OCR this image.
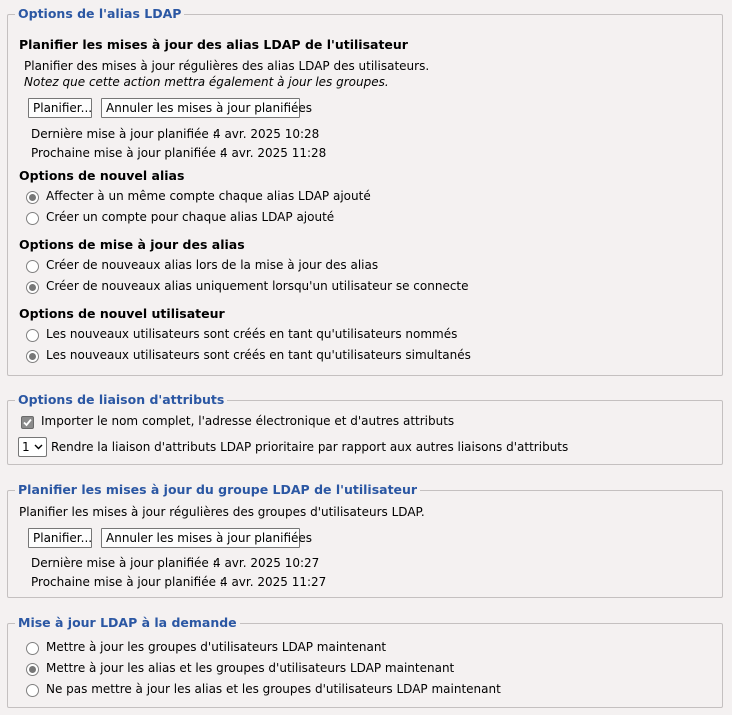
Options de l'alias LDAP
Planifier les mises à jour des alias LDAP de l'utilisateur
Planifier des mises à jour régulières des alias LDAP des utilisateurs.
Notez que cette action mettra également à jour les groupes.
Planifier...	Annuler les mises à jour planifiées
Dernière mise à jour planifiée :
4 avr. 2025 10:28
Prochaine mise à jour planifiée :
4 avr. 2025 11:28
Options de nouvel alias
Affecter à un même compte chaque alias LDAP ajouté
Créer un compte pour chaque alias LDAP ajouté
Options de mise à jour des alias
Créer de nouveaux alias lors de la mise à jour des alias
Créer de nouveaux alias uniquement lorsqu'un utilisateur se connecte
Options de nouvel utilisateur
Les nouveaux utilisateurs sont créés en tant qu'utilisateurs nommés
Les nouveaux utilisateurs sont créés en tant qu'utilisateurs simultanés
Options de liaison d'attributs
Importer le nom complet, l'adresse électronique et d'autres attributs
1	Rendre la liaison d'attributs LDAP prioritaire par rapport aux autres liaisons d'attributs
Planifier les mises à jour du groupe LDAP de l'utilisateur
Planifier les mises à jour régulières des groupes d'utilisateurs LDAP.
Planifier...	Annuler les mises à jour planifiées
Dernière mise à jour planifiée :
4 avr. 2025 10:27
Prochaine mise à jour planifiée :
4 avr. 2025 11:27
Mise à jour LDAP à la demande
Mettre à jour les groupes d'utilisateurs LDAP maintenant
Mettre à jour les alias et les groupes d'utilisateurs LDAP maintenant
Ne pas mettre à jour les alias et les groupes d'utilisateurs LDAP maintenant
